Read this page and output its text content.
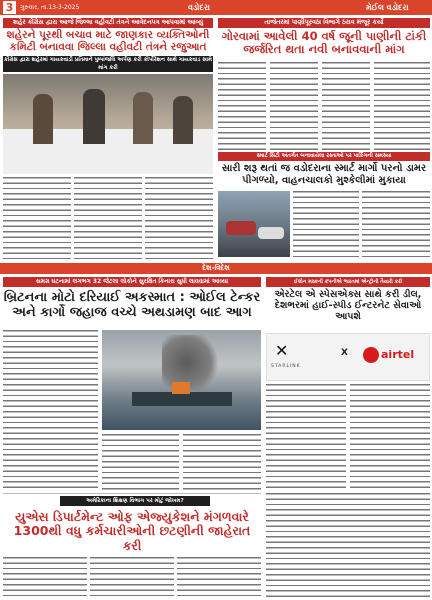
3	ગુરુવાર, તા.13-3-2025	વડોદરા	મેઈલ વડોદરા
શહેર કોંગ્રેસ દ્વારા આજે જિલ્લા વહીવટી તંત્રને આવેદનપત્ર આપવામાં આવ્યું
શહેરને પૂરથી બચાવ માટે જાણકાર વ્યક્તિઓની કમિટી બનાવવા જિલ્લા વહીવટી તંત્રને રજુઆત
કોંગ્રેસ દ્વારા શહેરમાં ગાયકવાડી પ્રતિમાને પુષ્પાંજલિ અર્પણ કરી કોર્પોરેશન સાથે ગાયકવાડ સામે માંગ કરી
તાજેતરમાં પાણીપૂરવઠા વિભાગે ઠરાવ મંજૂર કર્યો
ગોરવામાં આવેલી 40 વર્ષ જૂની પાણીની ટાંકી જર્જરિત થતા નવી બનાવવાની માંગ
સ્માર્ટ સિટી અંતર્ગત બનાવાયેલા રસ્તાઓ પર પાર્કિંગની સમસ્યા
સારી શરૂ થતાં જ વડોદરાના સ્માર્ટ માર્ગો પરનો ડામર પીગળ્યો, વાહનચાલકો મુશ્કેલીમાં મુકાયા
દેશ-વિદેશ
સમગ્ર ઘટનામાં લગભગ 32 જેટલા લોકોને સુરક્ષિત કિનારા સુધી લાવવામાં આવ્યા
બ્રિટનના મોટો દરિયાઈ અકસ્માત : ઓઈલ ટેન્કર અને કાર્ગો જહાજ વચ્ચે અથડામણ બાદ આગ
ઈલોન મસ્કની કંપનીએ ભારતમાં એન્ટ્રીની તૈયારી કરી
એરટેલ એ સ્પેસએક્સ સાથે કરી ડીલ, દેશભરમાં હાઈ-સ્પીડ ઈન્ટરનેટ સેવાઓ આપશે
✕
STARLINK
X	airtel
અમેરિકાના શિક્ષણ વિભાગ પર મોટું જોખમ?
યુએસ ડિપાર્ટમેન્ટ ઓફ એજ્યુકેશને મંગળવારે 1300થી વધુ કર્મચારીઓની છટણીની જાહેરાત કરી
